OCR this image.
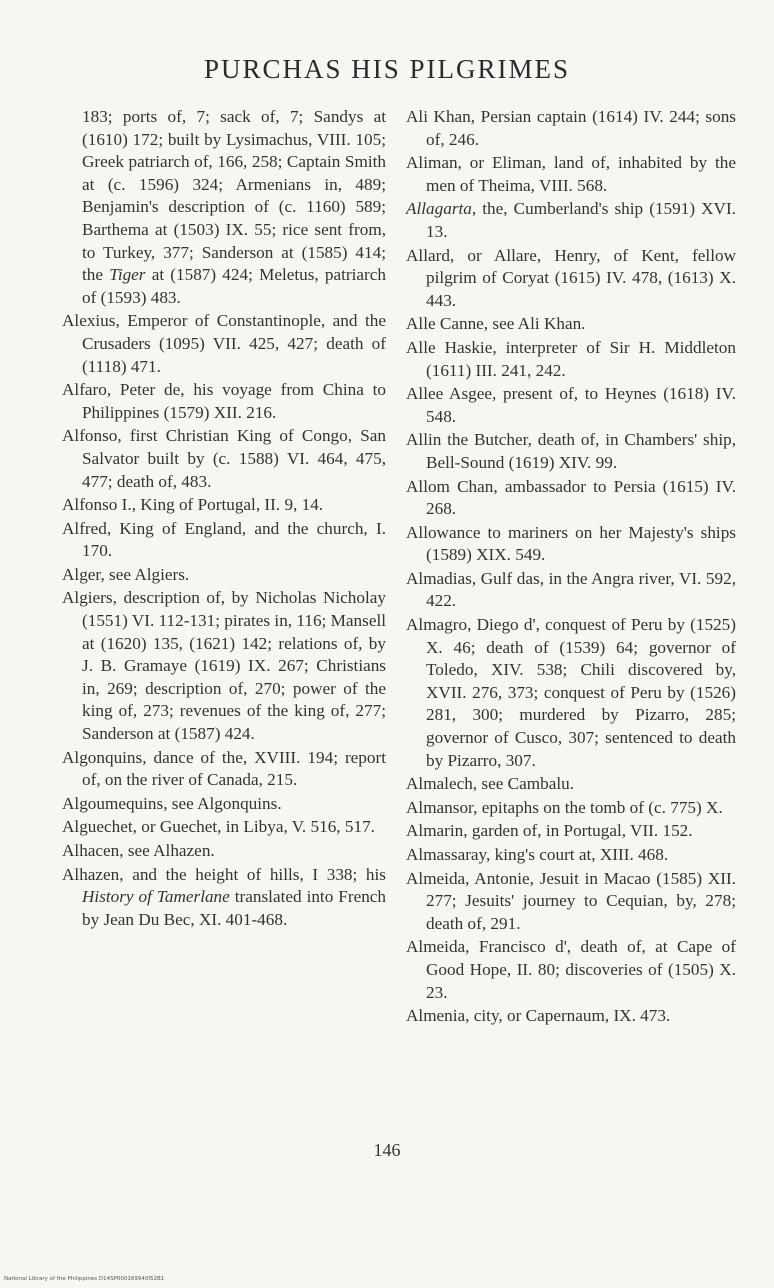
PURCHAS HIS PILGRIMES
183; ports of, 7; sack of, 7; Sandys at (1610) 172; built by Lysimachus, VIII. 105; Greek patriarch of, 166, 258; Captain Smith at (c. 1596) 324; Armenians in, 489; Benjamin's description of (c. 1160) 589; Barthema at (1503) IX. 55; rice sent from, to Turkey, 377; Sanderson at (1585) 414; the Tiger at (1587) 424; Meletus, patriarch of (1593) 483.
Alexius, Emperor of Constantinople, and the Crusaders (1095) VII. 425, 427; death of (1118) 471.
Alfaro, Peter de, his voyage from China to Philippines (1579) XII. 216.
Alfonso, first Christian King of Congo, San Salvator built by (c. 1588) VI. 464, 475, 477; death of, 483.
Alfonso I., King of Portugal, II. 9, 14.
Alfred, King of England, and the church, I. 170.
Alger, see Algiers.
Algiers, description of, by Nicholas Nicholay (1551) VI. 112-131; pirates in, 116; Mansell at (1620) 135, (1621) 142; relations of, by J. B. Gramaye (1619) IX. 267; Christians in, 269; description of, 270; power of the king of, 273; revenues of the king of, 277; Sanderson at (1587) 424.
Algonquins, dance of the, XVIII. 194; report of, on the river of Canada, 215.
Algoumequins, see Algonquins.
Alguechet, or Guechet, in Libya, V. 516, 517.
Alhacen, see Alhazen.
Alhazen, and the height of hills, I 338; his History of Tamerlane translated into French by Jean Du Bec, XI. 401-468.
Ali Khan, Persian captain (1614) IV. 244; sons of, 246.
Aliman, or Eliman, land of, inhabited by the men of Theima, VIII. 568.
Allagarta, the, Cumberland's ship (1591) XVI. 13.
Allard, or Allare, Henry, of Kent, fellow pilgrim of Coryat (1615) IV. 478, (1613) X. 443.
Alle Canne, see Ali Khan.
Alle Haskie, interpreter of Sir H. Middleton (1611) III. 241, 242.
Allee Asgee, present of, to Heynes (1618) IV. 548.
Allin the Butcher, death of, in Chambers' ship, Bell-Sound (1619) XIV. 99.
Allom Chan, ambassador to Persia (1615) IV. 268.
Allowance to mariners on her Majesty's ships (1589) XIX. 549.
Almadias, Gulf das, in the Angra river, VI. 592, 422.
Almagro, Diego d', conquest of Peru by (1525) X. 46; death of (1539) 64; governor of Toledo, XIV. 538; Chili discovered by, XVII. 276, 373; conquest of Peru by (1526) 281, 300; murdered by Pizarro, 285; governor of Cusco, 307; sentenced to death by Pizarro, 307.
Almalech, see Cambalu.
Almansor, epitaphs on the tomb of (c. 775) X.
Almarin, garden of, in Portugal, VII. 152.
Almassaray, king's court at, XIII. 468.
Almeida, Antonie, Jesuit in Macao (1585) XII. 277; Jesuits' journey to Cequian, by, 278; death of, 291.
Almeida, Francisco d', death of, at Cape of Good Hope, II. 80; discoveries of (1505) X. 23.
Almenia, city, or Capernaum, IX. 473.
146
National Library of the Philippines D14SP000169940I52B1
